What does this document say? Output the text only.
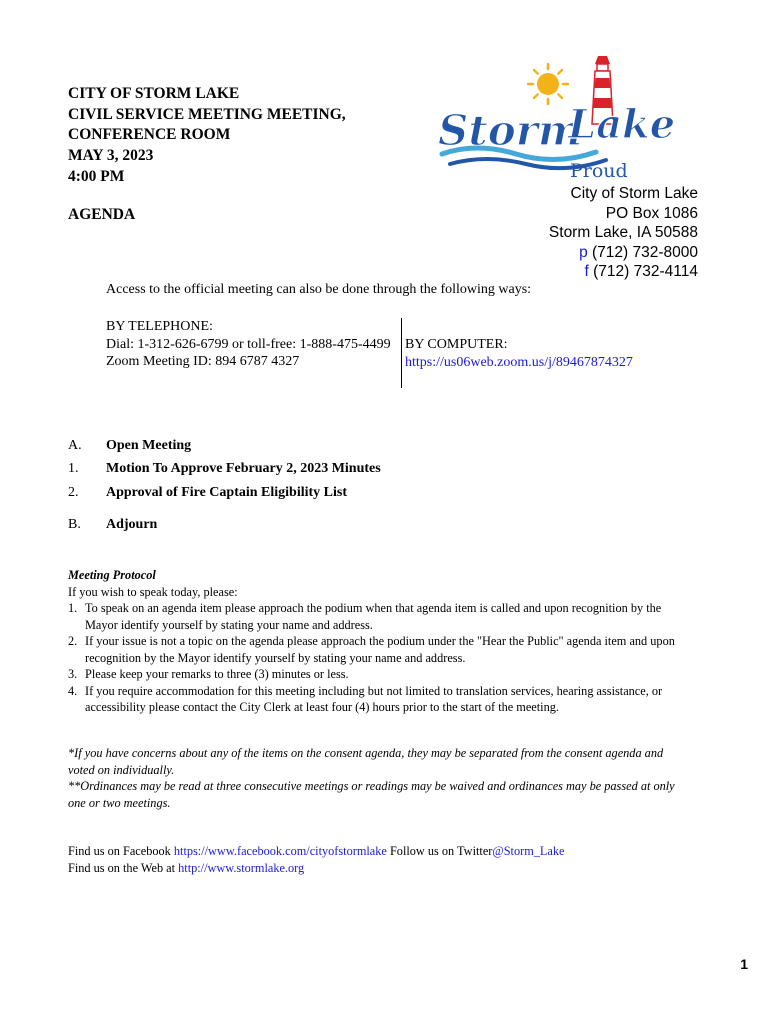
CITY OF STORM LAKE
CIVIL SERVICE MEETING MEETING,
CONFERENCE ROOM
MAY 3, 2023
4:00 PM
AGENDA
Storm
Lake
Proud
City of Storm Lake
PO Box 1086
Storm Lake, IA 50588
p (712) 732-8000
f (712) 732-4114
Access to the official meeting can also be done through the following ways:
BY TELEPHONE:
Dial: 1-312-626-6799 or toll-free: 1-888-475-4499
Zoom Meeting ID: 894 6787 4327
BY COMPUTER:
https://us06web.zoom.us/j/89467874327
A. Open Meeting
1. Motion To Approve February 2, 2023 Minutes
2. Approval of Fire Captain Eligibility List
B. Adjourn
Meeting Protocol
If you wish to speak today, please:
1. To speak on an agenda item please approach the podium when that agenda item is called and upon recognition by the Mayor identify yourself by stating your name and address.
2. If your issue is not a topic on the agenda please approach the podium under the "Hear the Public" agenda item and upon recognition by the Mayor identify yourself by stating your name and address.
3. Please keep your remarks to three (3) minutes or less.
4. If you require accommodation for this meeting including but not limited to translation services, hearing assistance, or accessibility please contact the City Clerk at least four (4) hours prior to the start of the meeting.
*If you have concerns about any of the items on the consent agenda, they may be separated from the consent agenda and voted on individually.
**Ordinances may be read at three consecutive meetings or readings may be waived and ordinances may be passed at only one or two meetings.
Find us on Facebook https://www.facebook.com/cityofstormlake Follow us on Twitter@Storm_Lake
Find us on the Web at http://www.stormlake.org
1
